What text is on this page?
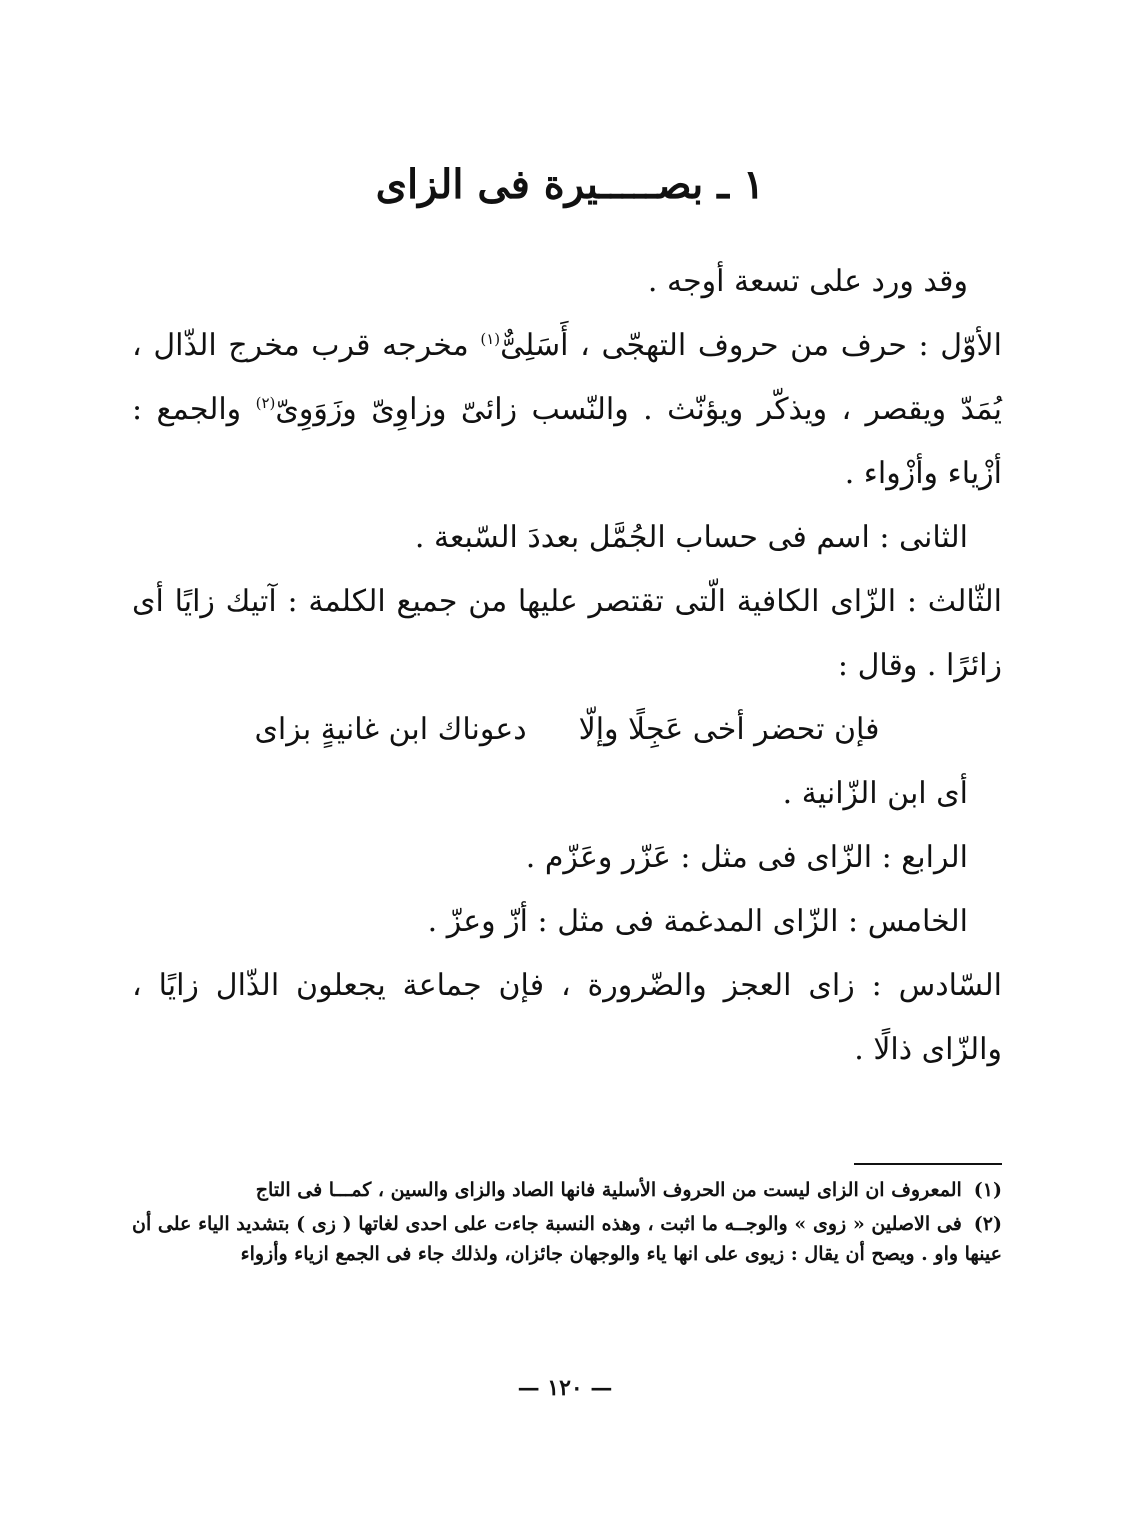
١ ـ بصـــــيرة فى الزاى

وقد ورد على تسعة أوجه .

الأوّل : حرف من حروف التهجّى ، أَسَلِىٌّ$^{(١)}$ مخرجه قرب مخرج الذّال ، يُمَدّ ويقصر ، ويذكّر ويؤنّث . والنّسب زائىّ وزاوِىّ وزَوَوِىّ$^{(٢)}$ والجمع : أزْياء وأزْواء .

الثانى : اسم فى حساب الجُمَّل بعددَ السّبعة .

الثّالث : الزّاى الكافية الّتى تقتصر عليها من جميع الكلمة : آتيك زايًا أى زائرًا . وقال :

فإن تحضر أخى عَجِلًا وإلّادعوناك ابن غانيةٍ بزاى

أى ابن الزّانية .

الرابع : الزّاى فى مثل : عَزّر وعَزّم .

الخامس : الزّاى المدغمة فى مثل : أزّ وعزّ .

السّادس : زاى العجز والضّرورة ، فإن جماعة يجعلون الذّال زايًا ، والزّاى ذالًا .

(١)المعروف ان الزاى ليست من الحروف الأسلية فانها الصاد والزاى والسين ، كمـــا فى التاج

(٢)فى الاصلين « زوى » والوجــه ما اثبت ، وهذه النسبة جاءت على احدى لغاتها ( زى ) بتشديد الياء على أن عينها واو . ويصح أن يقال : زيوى على انها ياء والوجهان جائزان، ولذلك جاء فى الجمع ازياء وأزواء

— ١٢٠ —
